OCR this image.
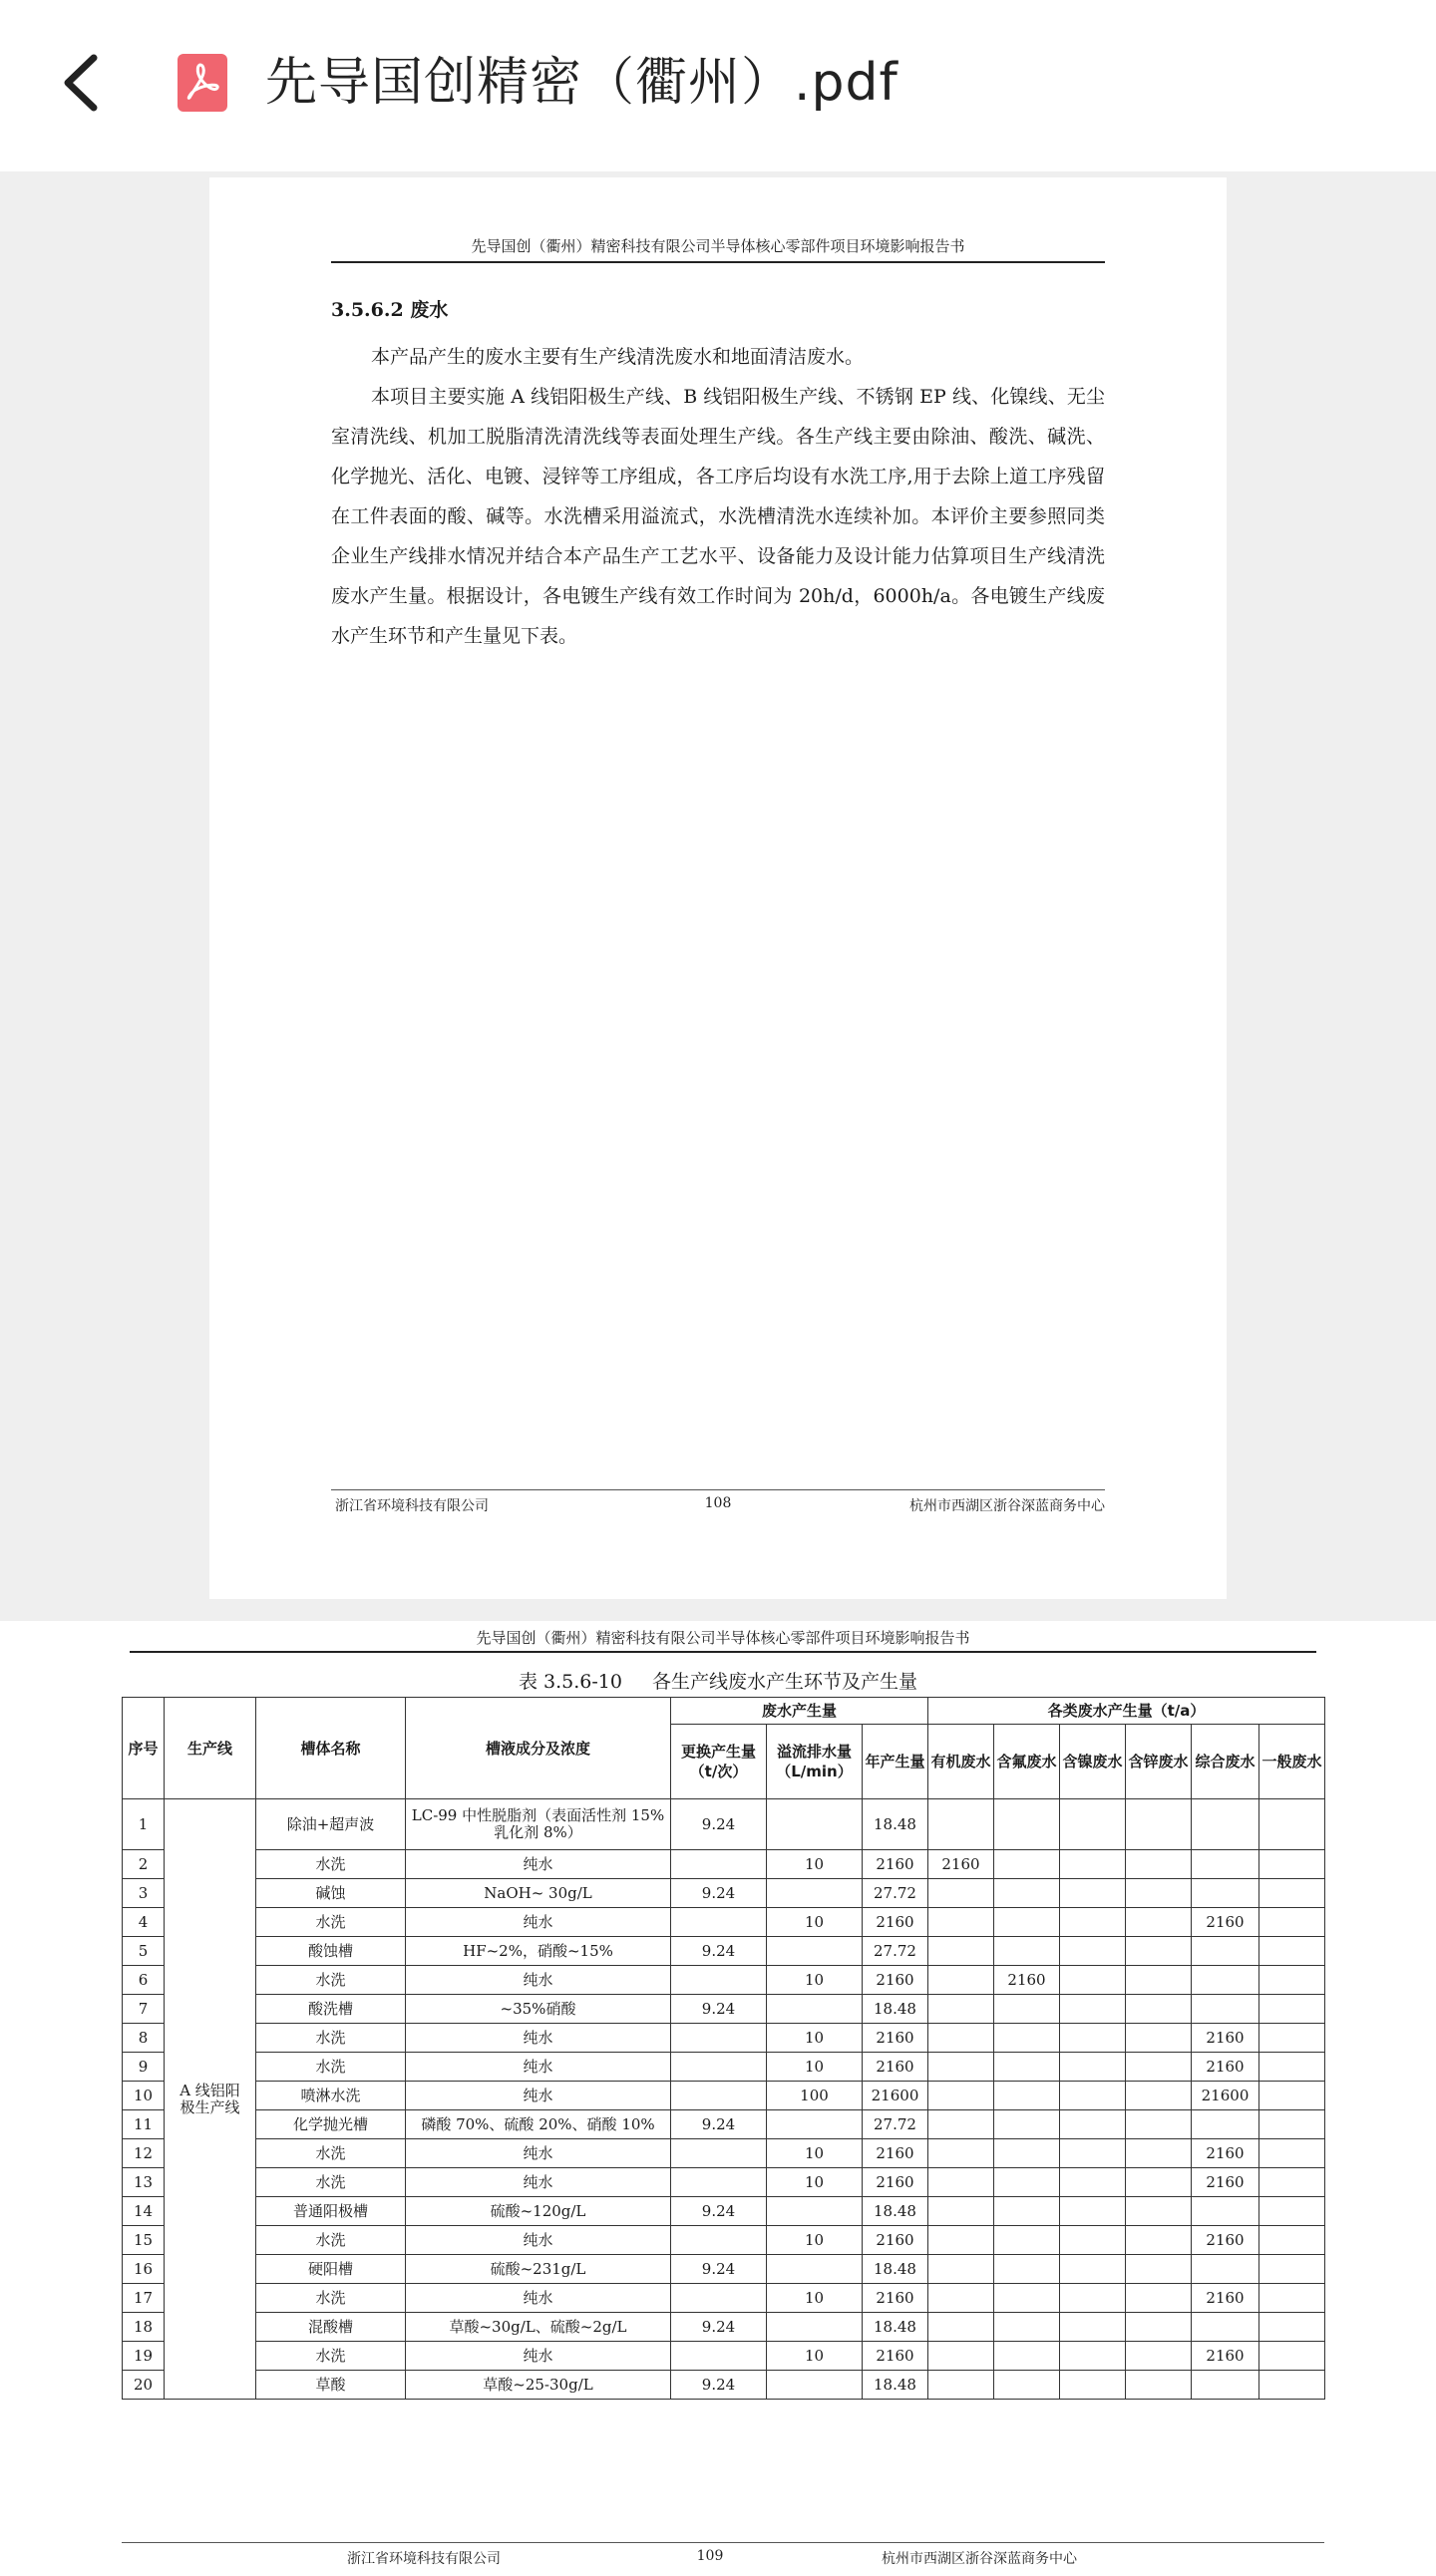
先导国创精密（衢州）.pdf
先导国创（衢州）精密科技有限公司半导体核心零部件项目环境影响报告书
3.5.6.2 废水

本产品产生的废水主要有生产线清洗废水和地面清洁废水。

本项目主要实施 A 线铝阳极生产线、B 线铝阳极生产线、不锈钢 EP 线、化镍线、无尘室清洗线、机加工脱脂清洗清洗线等表面处理生产线。各生产线主要由除油、酸洗、碱洗、化学抛光、活化、电镀、浸锌等工序组成，各工序后均设有水洗工序,用于去除上道工序残留在工件表面的酸、碱等。水洗槽采用溢流式，水洗槽清洗水连续补加。本评价主要参照同类企业生产线排水情况并结合本产品生产工艺水平、设备能力及设计能力估算项目生产线清洗废水产生量。根据设计，各电镀生产线有效工作时间为 20h/d，6000h/a。各电镀生产线废水产生环节和产生量见下表。

浙江省环境科技有限公司	108	杭州市西湖区浙谷深蓝商务中心
先导国创（衢州）精密科技有限公司半导体核心零部件项目环境影响报告书
表 3.5.6-10 各生产线废水产生环节及产生量
序号	生产线	槽体名称	槽液成分及浓度	废水产生量			各类废水产生量（t/a）					
				更换产生量（t/次）	溢流排水量（L/min）	年产生量	有机废水	含氟废水	含镍废水	含锌废水	综合废水	一般废水
1	A 线铝阳极生产线	除油+超声波	LC-99 中性脱脂剂（表面活性剂 15%乳化剂 8%）	9.24		18.48						
2		水洗	纯水		10	2160	2160					
3		碱蚀	NaOH~ 30g/L	9.24		27.72						
4		水洗	纯水		10	2160					2160	
5		酸蚀槽	HF~2%，硝酸~15%	9.24		27.72						
6		水洗	纯水		10	2160		2160				
7		酸洗槽	~35%硝酸	9.24		18.48						
8		水洗	纯水		10	2160					2160	
9		水洗	纯水		10	2160					2160	
10		喷淋水洗	纯水		100	21600					21600	
11		化学抛光槽	磷酸 70%、硫酸 20%、硝酸 10%	9.24		27.72						
12		水洗	纯水		10	2160					2160	
13		水洗	纯水		10	2160					2160	
14		普通阳极槽	硫酸~120g/L	9.24		18.48						
15		水洗	纯水		10	2160					2160	
16		硬阳槽	硫酸~231g/L	9.24		18.48						
17		水洗	纯水		10	2160					2160	
18		混酸槽	草酸~30g/L、硫酸~2g/L	9.24		18.48						
19		水洗	纯水		10	2160					2160	
20		草酸	草酸~25-30g/L	9.24		18.48						
浙江省环境科技有限公司	109	杭州市西湖区浙谷深蓝商务中心
